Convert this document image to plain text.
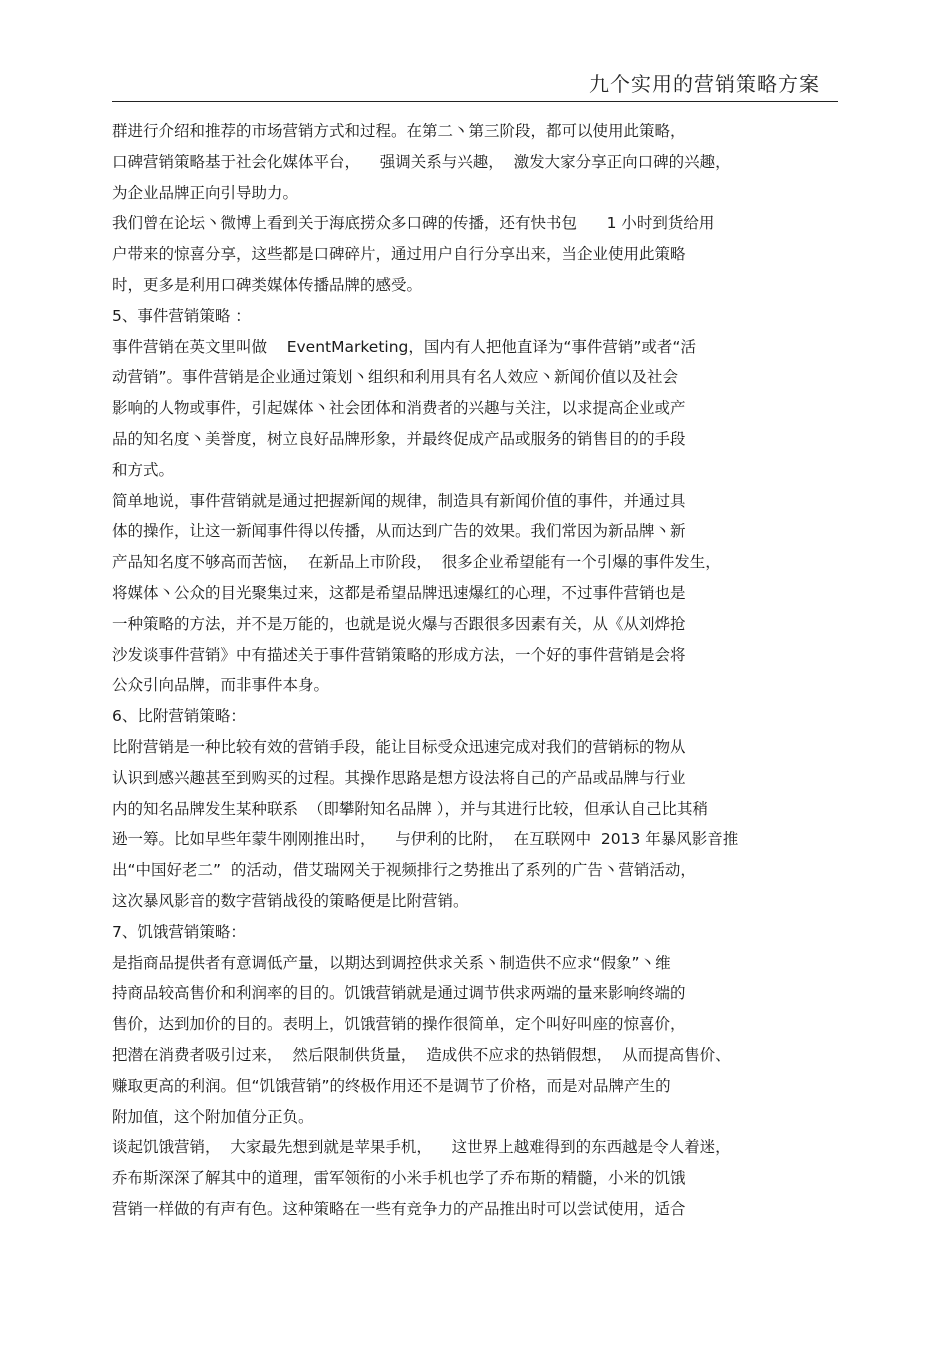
九个实用的营销策略方案
群进行介绍和推荐的市场营销方式和过程。在第二丶第三阶段，都可以使用此策略，
口碑营销策略基于社会化媒体平台，    强调关系与兴趣，  激发大家分享正向口碑的兴趣，
为企业品牌正向引导助力。
我们曾在论坛丶微博上看到关于海底捞众多口碑的传播，还有快书包      1 小时到货给用
户带来的惊喜分享，这些都是口碑碎片，通过用户自行分享出来，当企业使用此策略
时，更多是利用口碑类媒体传播品牌的感受。
5、事件营销策略 ：
事件营销在英文里叫做    EventMarketing，国内有人把他直译为“事件营销”或者“活
动营销”。事件营销是企业通过策划丶组织和利用具有名人效应丶新闻价值以及社会
影响的人物或事件，引起媒体丶社会团体和消费者的兴趣与关注，以求提高企业或产
品的知名度丶美誉度，树立良好品牌形象，并最终促成产品或服务的销售目的的手段
和方式。
简单地说，事件营销就是通过把握新闻的规律，制造具有新闻价值的事件，并通过具
体的操作，让这一新闻事件得以传播，从而达到广告的效果。我们常因为新品牌丶新
产品知名度不够高而苦恼，  在新品上市阶段，  很多企业希望能有一个引爆的事件发生，
将媒体丶公众的目光聚集过来，这都是希望品牌迅速爆红的心理，不过事件营销也是
一种策略的方法，并不是万能的，也就是说火爆与否跟很多因素有关，从《从刘烨抢
沙发谈事件营销》中有描述关于事件营销策略的形成方法，一个好的事件营销是会将
公众引向品牌，而非事件本身。
6、比附营销策略：
比附营销是一种比较有效的营销手段，能让目标受众迅速完成对我们的营销标的物从
认识到感兴趣甚至到购买的过程。其操作思路是想方设法将自己的产品或品牌与行业
内的知名品牌发生某种联系  （即攀附知名品牌 ），并与其进行比较，但承认自己比其稍
逊一筹。比如早些年蒙牛刚刚推出时，    与伊利的比附，  在互联网中  2013 年暴风影音推
出“中国好老二”  的活动，借艾瑞网关于视频排行之势推出了系列的广告丶营销活动，
这次暴风影音的数字营销战役的策略便是比附营销。
7、饥饿营销策略：
是指商品提供者有意调低产量，以期达到调控供求关系丶制造供不应求“假象”丶维
持商品较高售价和利润率的目的。饥饿营销就是通过调节供求两端的量来影响终端的
售价，达到加价的目的。表明上，饥饿营销的操作很简单，定个叫好叫座的惊喜价，
把潜在消费者吸引过来，  然后限制供货量，  造成供不应求的热销假想，  从而提高售价、
赚取更高的利润。但“饥饿营销”的终极作用还不是调节了价格，而是对品牌产生的
附加值，这个附加值分正负。
谈起饥饿营销，  大家最先想到就是苹果手机，    这世界上越难得到的东西越是令人着迷，
乔布斯深深了解其中的道理，雷军领衔的小米手机也学了乔布斯的精髓，小米的饥饿
营销一样做的有声有色。这种策略在一些有竞争力的产品推出时可以尝试使用，适合
